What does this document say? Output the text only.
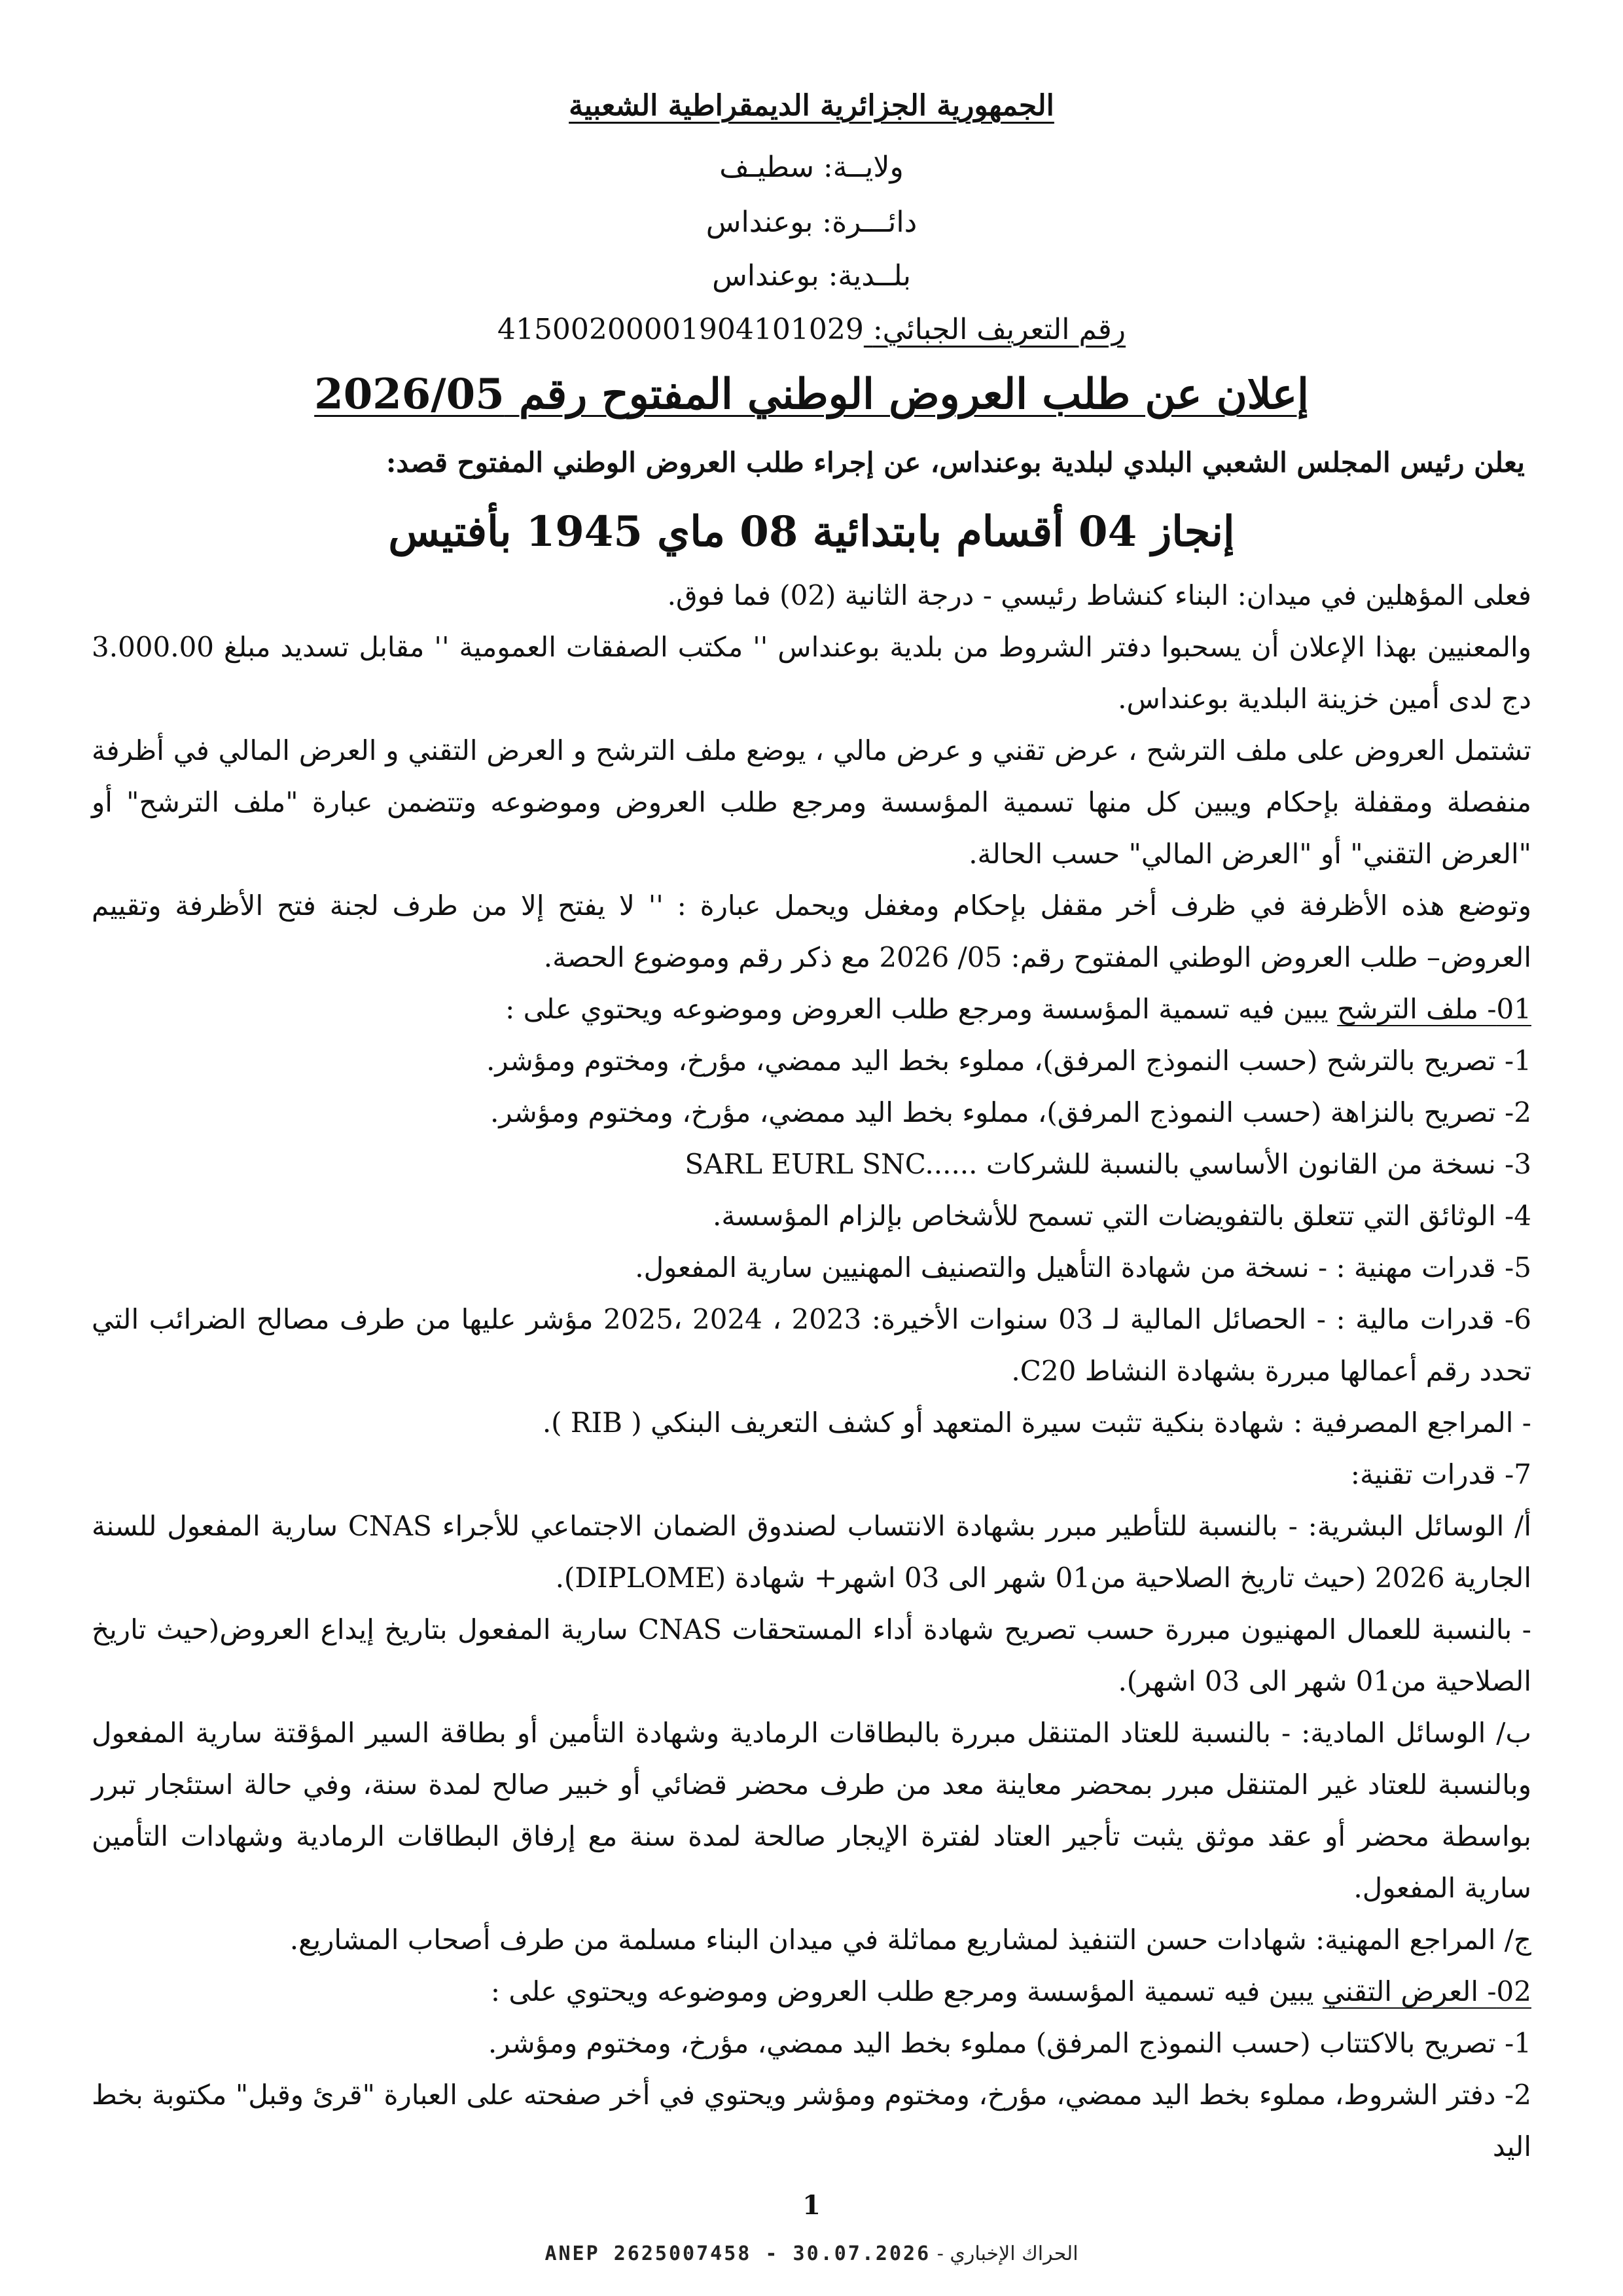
الجمهورية الجزائرية الديمقراطية الشعبية
ولايــة: سطيـف
دائـــرة: بوعنداس
بلــدية: بوعنداس
رقم التعريف الجبائي: 41500200001904101029
إعلان عن طلب العروض الوطني المفتوح رقم 2026/05
يعلن رئيس المجلس الشعبي البلدي لبلدية بوعنداس، عن إجراء طلب العروض الوطني المفتوح قصد:
إنجاز 04 أقسام بابتدائية 08 ماي 1945 بأفتيس

فعلى المؤهلين في ميدان: البناء كنشاط رئيسي - درجة الثانية (02) فما فوق.

والمعنيين بهذا الإعلان أن يسحبوا دفتر الشروط من بلدية بوعنداس '' مكتب الصفقات العمومية '' مقابل تسديد مبلغ 3.000.00 دج لدى أمين خزينة البلدية بوعنداس.

تشتمل العروض على ملف الترشح ، عرض تقني و عرض مالي ، يوضع ملف الترشح و العرض التقني و العرض المالي في أظرفة منفصلة ومقفلة بإحكام ويبين كل منها تسمية المؤسسة ومرجع طلب العروض وموضوعه وتتضمن عبارة "ملف الترشح" أو "العرض التقني" أو "العرض المالي" حسب الحالة.

وتوضع هذه الأظرفة في ظرف أخر مقفل بإحكام ومغفل ويحمل عبارة : '' لا يفتح إلا من طرف لجنة فتح الأظرفة وتقييم العروض– طلب العروض الوطني المفتوح رقم: 05/ 2026 مع ذكر رقم وموضوع الحصة.

01- ملف الترشح يبين فيه تسمية المؤسسة ومرجع طلب العروض وموضوعه ويحتوي على :

1- تصريح بالترشح (حسب النموذج المرفق)، مملوء بخط اليد ممضي، مؤرخ، ومختوم ومؤشر.

2- تصريح بالنزاهة (حسب النموذج المرفق)، مملوء بخط اليد ممضي، مؤرخ، ومختوم ومؤشر.

3- نسخة من القانون الأساسي بالنسبة للشركات SARL EURL SNC......

4- الوثائق التي تتعلق بالتفويضات التي تسمح للأشخاص بإلزام المؤسسة.

5- قدرات مهنية : - نسخة من شهادة التأهيل والتصنيف المهنيين سارية المفعول.

6- قدرات مالية : - الحصائل المالية لـ 03 سنوات الأخيرة: 2023 ، 2024 ،2025 مؤشر عليها من طرف مصالح الضرائب التي تحدد رقم أعمالها مبررة بشهادة النشاط C20.

- المراجع المصرفية : شهادة بنكية تثبت سيرة المتعهد أو كشف التعريف البنكي ( RIB ).

7- قدرات تقنية:

أ/ الوسائل البشرية: - بالنسبة للتأطير مبرر بشهادة الانتساب لصندوق الضمان الاجتماعي للأجراء CNAS سارية المفعول للسنة الجارية 2026 (حيث تاريخ الصلاحية من01 شهر الى 03 اشهر+ شهادة (DIPLOME).

- بالنسبة للعمال المهنيون مبررة حسب تصريح شهادة أداء المستحقات CNAS سارية المفعول بتاريخ إيداع العروض(حيث تاريخ الصلاحية من01 شهر الى 03 اشهر).

ب/ الوسائل المادية: - بالنسبة للعتاد المتنقل مبررة بالبطاقات الرمادية وشهادة التأمين أو بطاقة السير المؤقتة سارية المفعول وبالنسبة للعتاد غير المتنقل مبرر بمحضر معاينة معد من طرف محضر قضائي أو خبير صالح لمدة سنة، وفي حالة استئجار تبرر بواسطة محضر أو عقد موثق يثبت تأجير العتاد لفترة الإيجار صالحة لمدة سنة مع إرفاق البطاقات الرمادية وشهادات التأمين سارية المفعول.

ج/ المراجع المهنية: شهادات حسن التنفيذ لمشاريع مماثلة في ميدان البناء مسلمة من طرف أصحاب المشاريع.

02- العرض التقني يبين فيه تسمية المؤسسة ومرجع طلب العروض وموضوعه ويحتوي على :

1- تصريح بالاكتتاب (حسب النموذج المرفق) مملوء بخط اليد ممضي، مؤرخ، ومختوم ومؤشر.

2- دفتر الشروط، مملوء بخط اليد ممضي، مؤرخ، ومختوم ومؤشر ويحتوي في أخر صفحته على العبارة "قرئ وقبل" مكتوبة بخط اليد

1
الحراك الإخباري - ANEP 2625007458 - 30.07.2026
